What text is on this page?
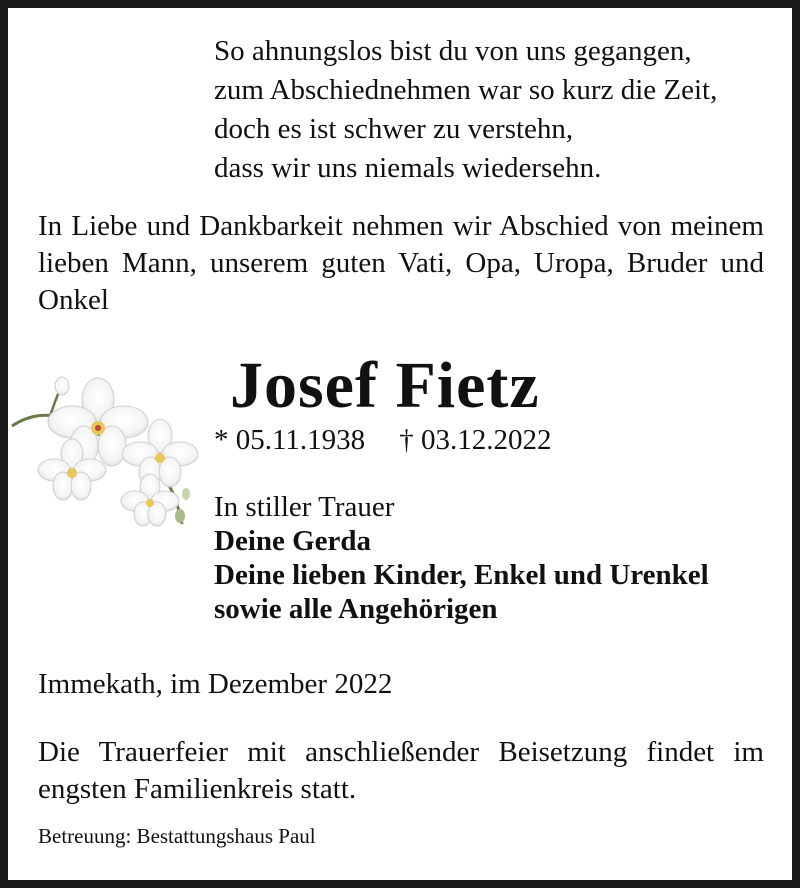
So ahnungslos bist du von uns gegangen,
zum Abschiednehmen war so kurz die Zeit,
doch es ist schwer zu verstehn,
dass wir uns niemals wiedersehn.

In Liebe und Dankbarkeit nehmen wir Abschied von meinem lieben Mann, unserem guten Vati, Opa, Uropa, Bruder und Onkel

Josef Fietz
* 05.11.1938 † 03.12.2022
In stiller Trauer
Deine Gerda
Deine lieben Kinder, Enkel und Urenkel
sowie alle Angehörigen
Immekath, im Dezember 2022

Die Trauerfeier mit anschließender Beisetzung findet im engsten Familienkreis statt.

Betreuung: Bestattungshaus Paul
